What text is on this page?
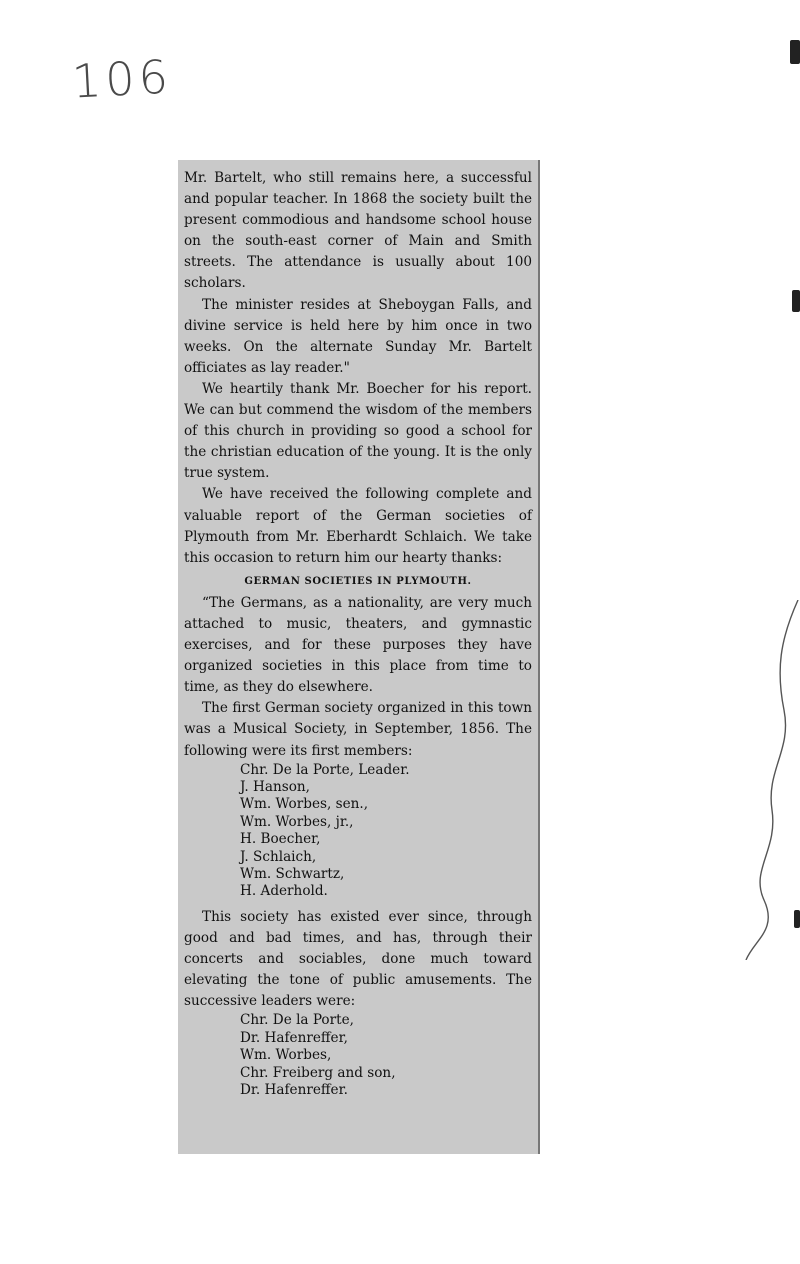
106

Mr. Bartelt, who still remains here, a successful and popular teacher. In 1868 the society built the present commodious and handsome school house on the south-east corner of Main and Smith streets. The attendance is usually about 100 scholars.

The minister resides at Sheboygan Falls, and divine service is held here by him once in two weeks. On the alternate Sunday Mr. Bartelt officiates as lay reader."

We heartily thank Mr. Boecher for his report. We can but commend the wisdom of the members of this church in providing so good a school for the christian education of the young. It is the only true system.

We have received the following complete and valuable report of the German societies of Plymouth from Mr. Eberhardt Schlaich. We take this occasion to return him our hearty thanks:

GERMAN SOCIETIES IN PLYMOUTH.

“The Germans, as a nationality, are very much attached to music, theaters, and gymnastic exercises, and for these purposes they have organized societies in this place from time to time, as they do elsewhere.

The first German society organized in this town was a Musical Society, in September, 1856. The following were its first members:

Chr. De la Porte, Leader.
J. Hanson,
Wm. Worbes, sen.,
Wm. Worbes, jr.,
H. Boecher,
J. Schlaich,
Wm. Schwartz,
H. Aderhold.

This society has existed ever since, through good and bad times, and has, through their concerts and sociables, done much toward elevating the tone of public amusements. The successive leaders were:

Chr. De la Porte,
Dr. Hafenreffer,
Wm. Worbes,
Chr. Freiberg and son,
Dr. Hafenreffer.
